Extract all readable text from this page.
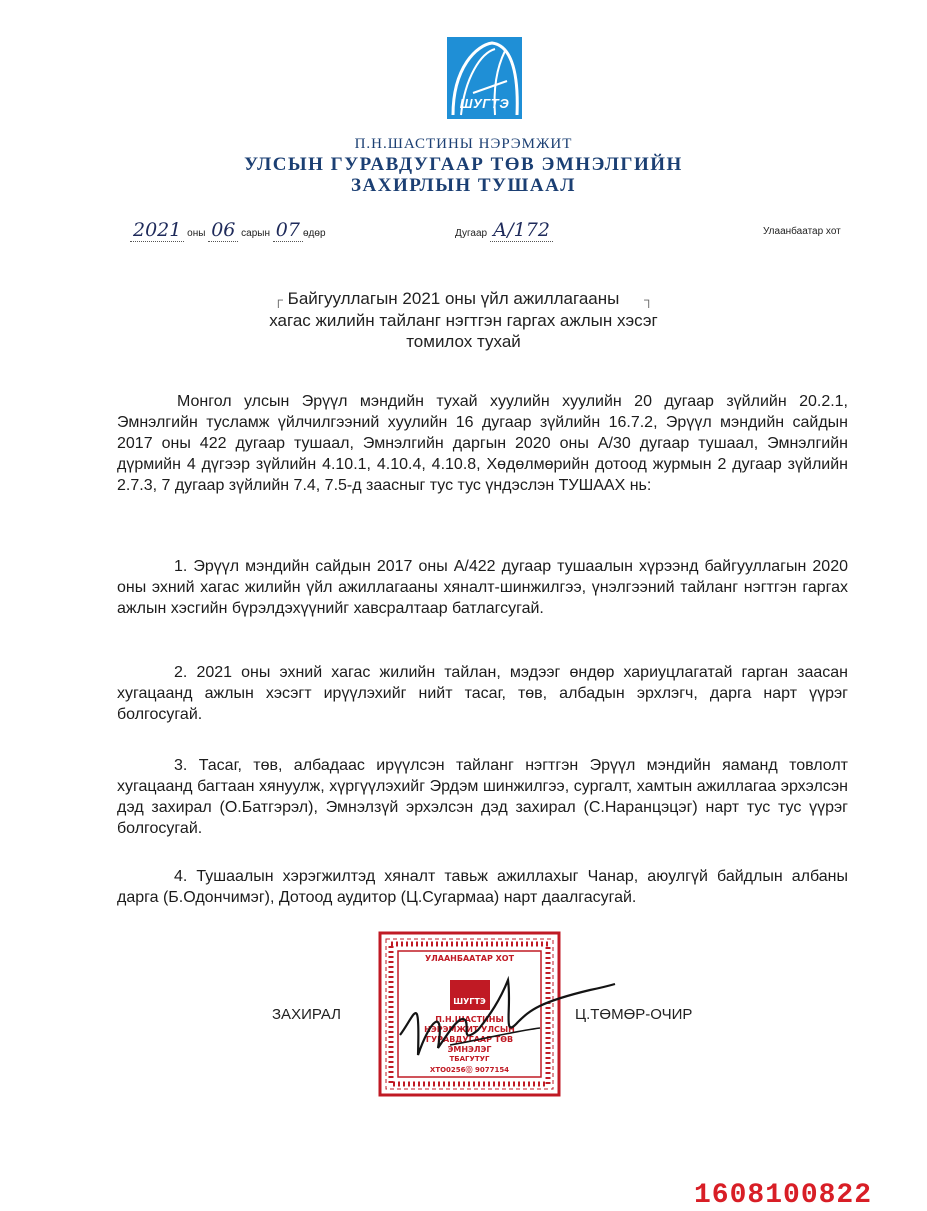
ШУГТЭ
П.Н.ШАСТИНЫ НЭРЭМЖИТ
УЛСЫН ГУРАВДУГААР ТӨВ ЭМНЭЛГИЙН
ЗАХИРЛЫН ТУШААЛ
2021 оны 06 сарын 07 өдөр	Дугаар А/172	Улаанбаатар хот
┌ Байгууллагын 2021 оны үйл ажиллагааны ┐
хагас жилийн тайланг нэгтгэн гаргах ажлын хэсэг
томилох тухай

Монгол улсын Эрүүл мэндийн тухай хуулийн хуулийн 20 дугаар зүйлийн 20.2.1, Эмнэлгийн тусламж үйлчилгээний хуулийн 16 дугаар зүйлийн 16.7.2, Эрүүл мэндийн сайдын 2017 оны 422 дугаар тушаал, Эмнэлгийн даргын 2020 оны А/30 дугаар тушаал, Эмнэлгийн дүрмийн 4 дүгээр зүйлийн 4.10.1, 4.10.4, 4.10.8, Хөдөлмөрийн дотоод журмын 2 дугаар зүйлийн 2.7.3, 7 дугаар зүйлийн 7.4, 7.5-д заасныг тус тус үндэслэн ТУШААХ нь:

1. Эрүүл мэндийн сайдын 2017 оны А/422 дугаар тушаалын хүрээнд байгууллагын 2020 оны эхний хагас жилийн үйл ажиллагааны хяналт-шинжилгээ, үнэлгээний тайланг нэгтгэн гаргах ажлын хэсгийн бүрэлдэхүүнийг хавсралтаар батлагсугай.

2. 2021 оны эхний хагас жилийн тайлан, мэдээг өндөр хариуцлагатай гарган заасан хугацаанд ажлын хэсэгт ирүүлэхийг нийт тасаг, төв, албадын эрхлэгч, дарга нарт үүрэг болгосугай.

3. Тасаг, төв, албадаас ирүүлсэн тайланг нэгтгэн Эрүүл мэндийн яаманд товлолт хугацаанд багтаан хянуулж, хүргүүлэхийг Эрдэм шинжилгээ, сургалт, хамтын ажиллагаа эрхэлсэн дэд захирал (О.Батгэрэл), Эмнэлзүй эрхэлсэн дэд захирал (С.Наранцэцэг) нарт тус тус үүрэг болгосугай.

4. Тушаалын хэрэгжилтэд хяналт тавьж ажиллахыг Чанар, аюулгүй байдлын албаны дарга (Б.Одончимэг), Дотоод аудитор (Ц.Сугармаа) нарт даалгасугай.

УЛААНБААТАР ХОТ
ШУГТЭ
П.Н.ШАСТИНЫ
НЭРЭМЖИТ УЛСЫН
ГУРАВДУГААР ТӨВ
ЭМНЭЛЭГ
ТБАГУТУГ
ХТО0256⓪ 9077154
ЗАХИРАЛ	Ц.ТӨМӨР-ОЧИР
1608100822
